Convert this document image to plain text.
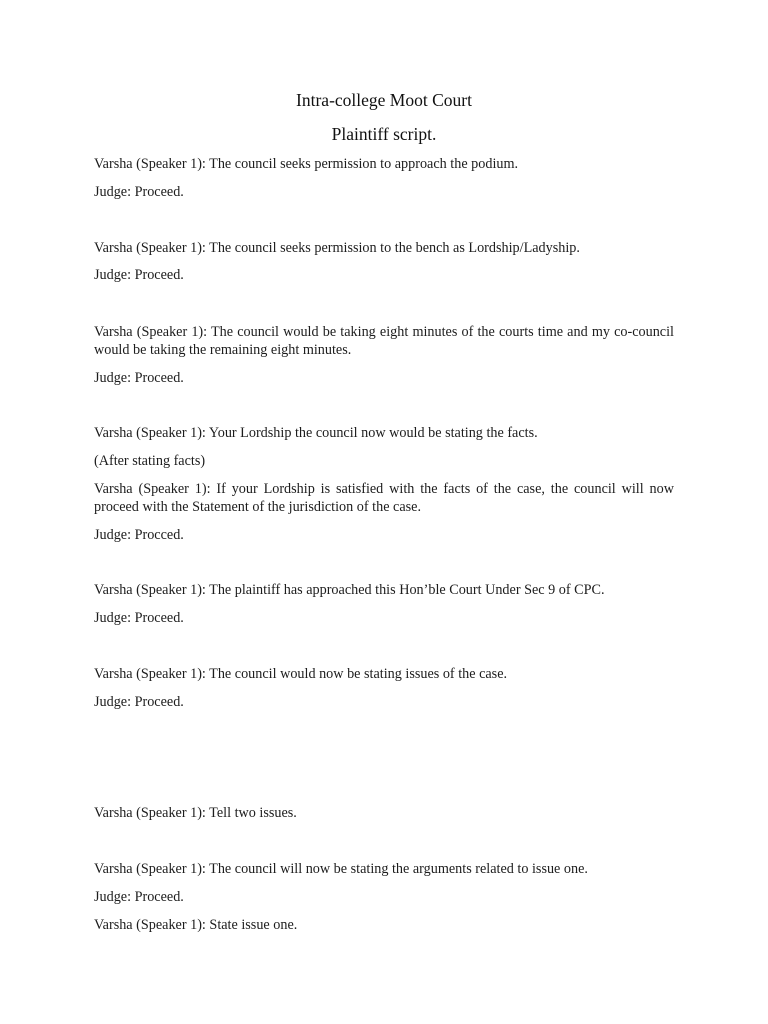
Intra-college Moot Court
Plaintiff script.
Varsha (Speaker 1): The council seeks permission to approach the podium.
Judge: Proceed.
Varsha (Speaker 1): The council seeks permission to the bench as Lordship/Ladyship.
Judge: Proceed.
Varsha (Speaker 1): The council would be taking eight minutes of the courts time and my co-council would be taking the remaining eight minutes.
Judge: Proceed.
Varsha (Speaker 1): Your Lordship the council now would be stating the facts.
(After stating facts)
Varsha (Speaker 1): If your Lordship is satisfied with the facts of the case, the council will now proceed with the Statement of the jurisdiction of the case.
Judge: Procced.
Varsha (Speaker 1): The plaintiff has approached this Hon’ble Court Under Sec 9 of CPC.
Judge: Proceed.
Varsha (Speaker 1): The council would now be stating issues of the case.
Judge: Proceed.
Varsha (Speaker 1): Tell two issues.
Varsha (Speaker 1): The council will now be stating the arguments related to issue one.
Judge: Proceed.
Varsha (Speaker 1): State issue one.
